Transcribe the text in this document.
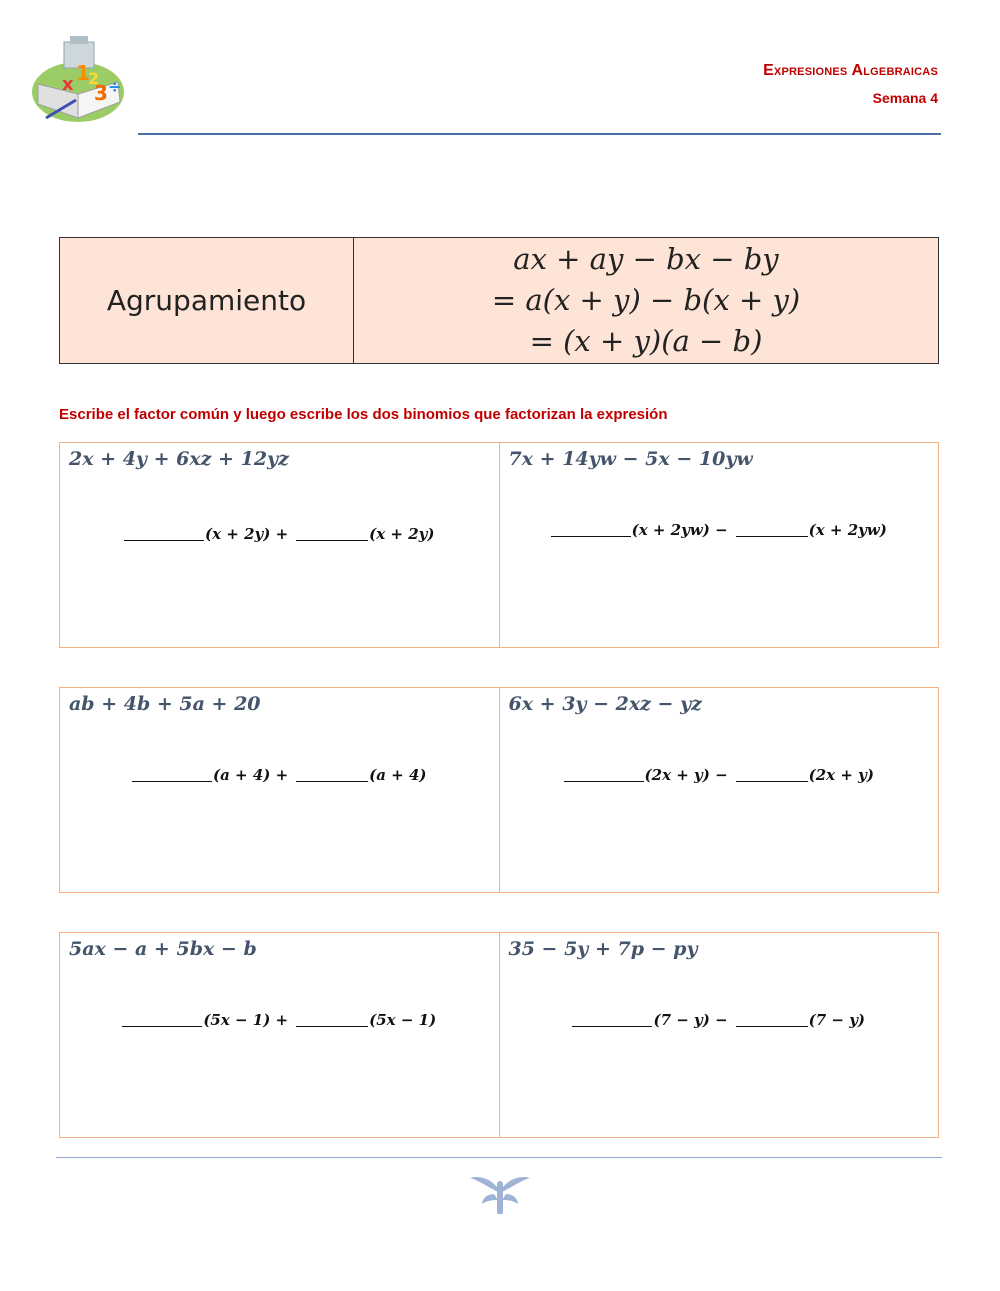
x 1
2
3 ÷
Expresiones Algebraicas
Semana 4
Agrupamiento
ax + ay − bx − by
= a(x + y) − b(x + y)
= (x + y)(a − b)
Escribe el factor común y luego escribe los dos binomios que factorizan la expresión
2x + 4y + 6xz + 12yz
(x + 2y) +	(x + 2y)
7x + 14yw − 5x − 10yw
(x + 2yw) −	(x + 2yw)
ab + 4b + 5a + 20
(a + 4) +	(a + 4)
6x + 3y − 2xz − yz
(2x + y) −	(2x + y)
5ax − a + 5bx − b
(5x − 1) +	(5x − 1)
35 − 5y + 7p − py
(7 − y) −	(7 − y)
